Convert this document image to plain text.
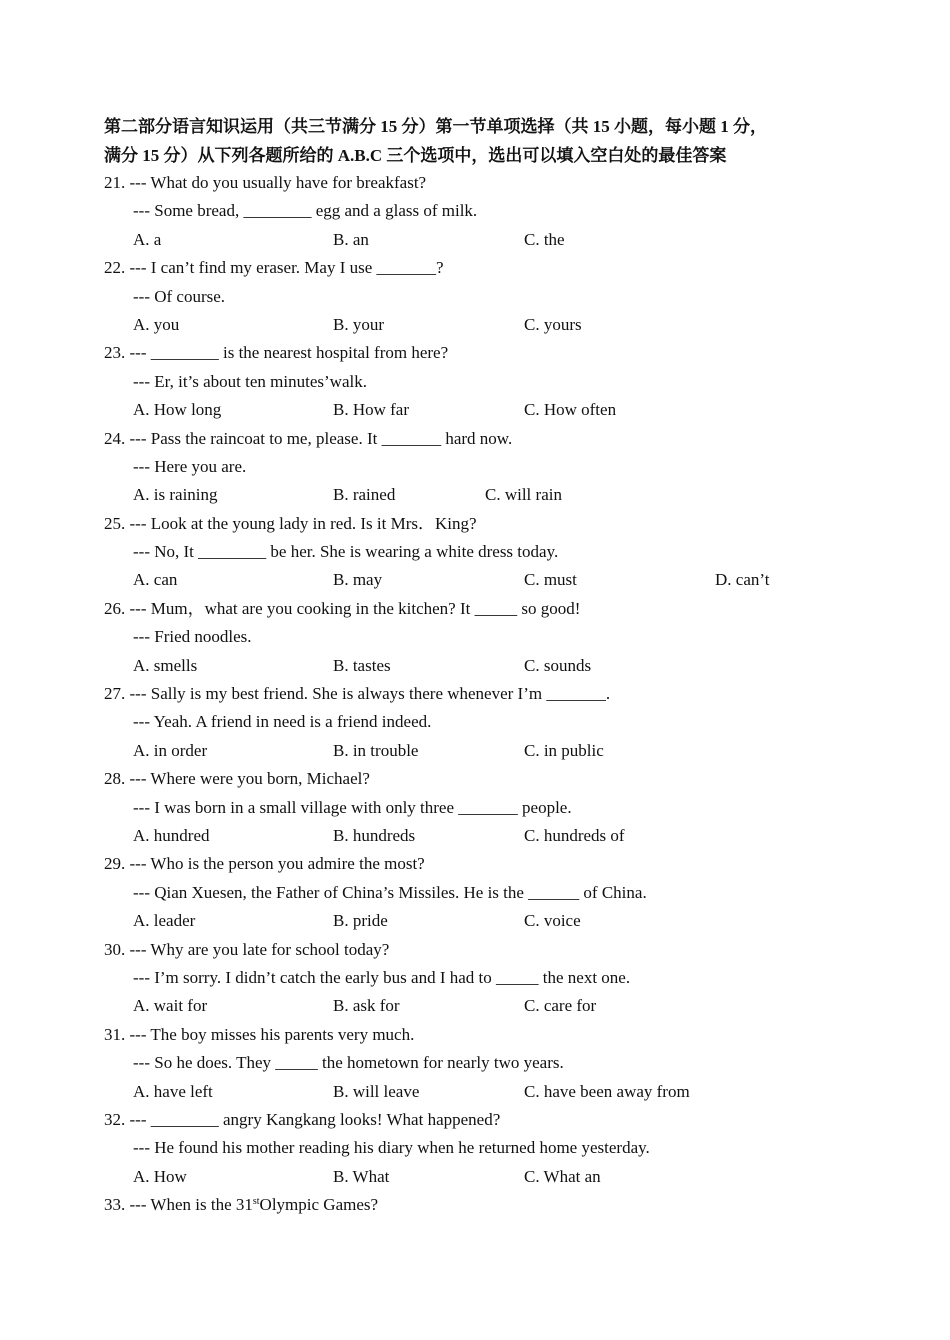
第二部分语言知识运用（共三节满分 15 分）第一节单项选择（共 15 小题，每小题 1 分，
满分 15 分）从下列各题所给的 A.B.C 三个选项中，选出可以填入空白处的最佳答案
21. --- What do you usually have for breakfast?
--- Some bread, ________ egg and a glass of milk.
A. a	B. an	C. the
22. --- I can’t find my eraser. May I use _______?
--- Of course.
A. you	B. your	C. yours
23. --- ________ is the nearest hospital from here?
--- Er, it’s about ten minutes’walk.
A. How long	B. How far	C. How often
24. --- Pass the raincoat to me, please. It _______ hard now.
--- Here you are.
A. is raining	B. rained	C. will rain
25. --- Look at the young lady in red. Is it Mrs．King?
--- No, It ________ be her. She is wearing a white dress today.
A. can	B. may	C. must	D. can’t
26. --- Mum，what are you cooking in the kitchen? It _____ so good!
--- Fried noodles.
A. smells	B. tastes	C. sounds
27. --- Sally is my best friend. She is always there whenever I’m _______.
--- Yeah. A friend in need is a friend indeed.
A. in order	B. in trouble	C. in public
28. --- Where were you born, Michael?
--- I was born in a small village with only three _______ people.
A. hundred	B. hundreds	C. hundreds of
29. --- Who is the person you admire the most?
--- Qian Xuesen, the Father of China’s Missiles. He is the ______ of China.
A. leader	B. pride	C. voice
30. --- Why are you late for school today?
--- I’m sorry. I didn’t catch the early bus and I had to _____ the next one.
A. wait for	B. ask for	C. care for
31. --- The boy misses his parents very much.
--- So he does. They _____ the hometown for nearly two years.
A. have left	B. will leave	C. have been away from
32. --- ________ angry Kangkang looks! What happened?
--- He found his mother reading his diary when he returned home yesterday.
A. How	B. What	C. What an
33. --- When is the 31stOlympic Games?
